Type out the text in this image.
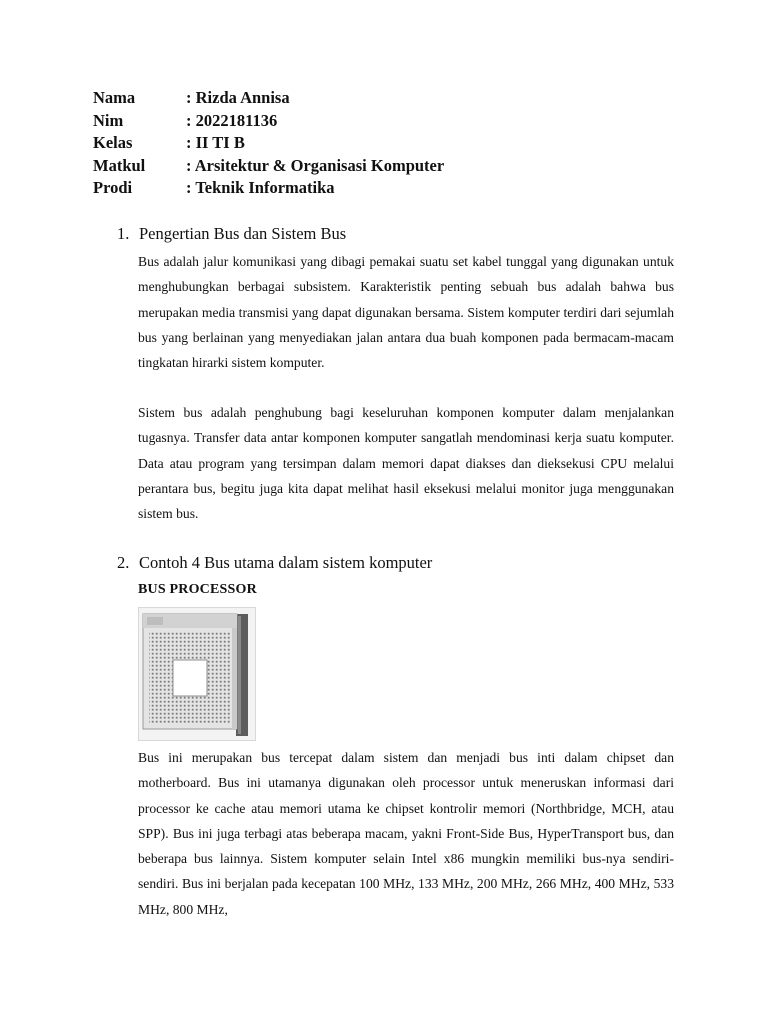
Nama	: Rizda Annisa
Nim	: 2022181136
Kelas	: II TI B
Matkul	: Arsitektur & Organisasi Komputer
Prodi	: Teknik Informatika
1. Pengertian Bus dan Sistem Bus

Bus adalah jalur komunikasi yang dibagi pemakai suatu set kabel tunggal yang digunakan untuk menghubungkan berbagai subsistem. Karakteristik penting sebuah bus adalah bahwa bus merupakan media transmisi yang dapat digunakan bersama. Sistem komputer terdiri dari sejumlah bus yang berlainan yang menyediakan jalan antara dua buah komponen pada bermacam-macam tingkatan hirarki sistem komputer.

Sistem bus adalah penghubung bagi keseluruhan komponen komputer dalam menjalankan tugasnya. Transfer data antar komponen komputer sangatlah mendominasi kerja suatu komputer. Data atau program yang tersimpan dalam memori dapat diakses dan dieksekusi CPU melalui perantara bus, begitu juga kita dapat melihat hasil eksekusi melalui monitor juga menggunakan sistem bus.

2. Contoh 4 Bus utama dalam sistem komputer
BUS PROCESSOR

Bus ini merupakan bus tercepat dalam sistem dan menjadi bus inti dalam chipset dan motherboard. Bus ini utamanya digunakan oleh processor untuk meneruskan informasi dari processor ke cache atau memori utama ke chipset kontrolir memori (Northbridge, MCH, atau SPP). Bus ini juga terbagi atas beberapa macam, yakni Front-Side Bus, HyperTransport bus, dan beberapa bus lainnya. Sistem komputer selain Intel x86 mungkin memiliki bus-nya sendiri-sendiri. Bus ini berjalan pada kecepatan 100 MHz, 133 MHz, 200 MHz, 266 MHz, 400 MHz, 533 MHz, 800 MHz,
